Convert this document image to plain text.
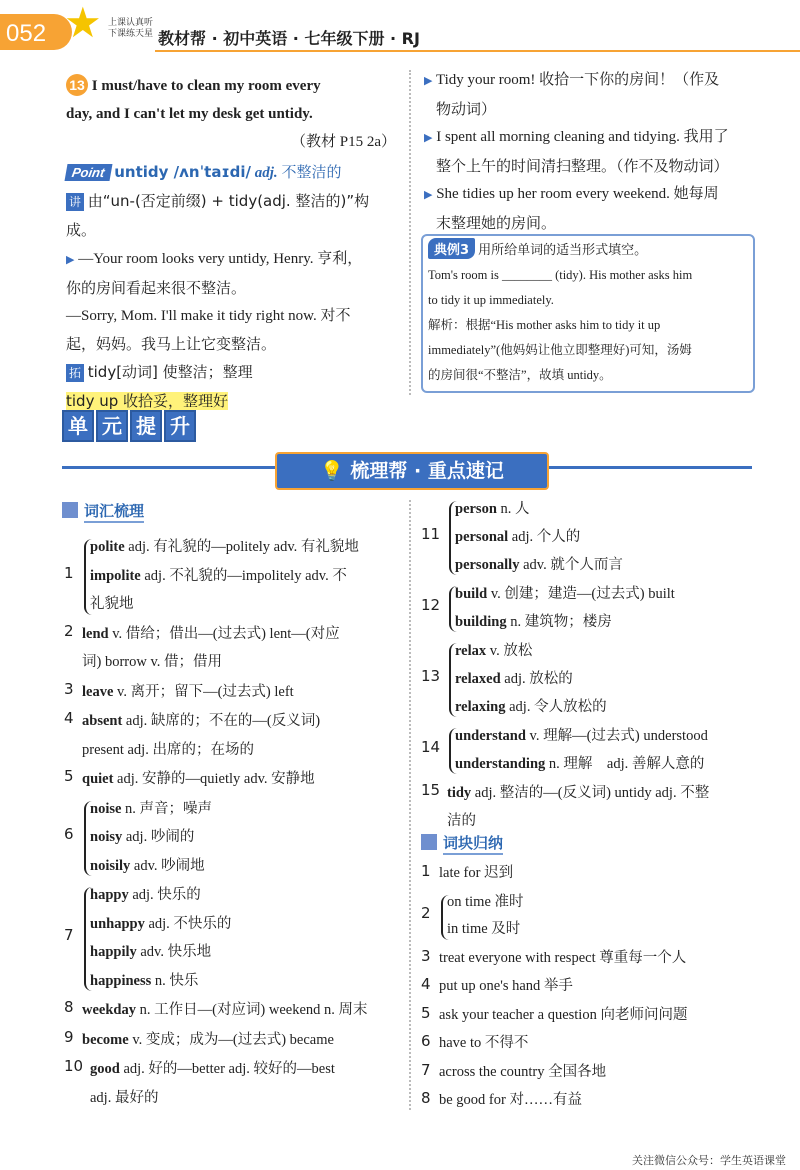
052 ★ 上课认真听
下课练天星 教材帮 · 初中英语 · 七年级下册 · RJ
13 I must/have to clean my room every
day, and I can't let my desk get untidy.
（教材 P15 2a）
Point untidy /ʌnˈtaɪdi/ adj. 不整洁的
讲 由“un-(否定前缀) + tidy(adj. 整洁的)”构成。
▶ —Your room looks very untidy, Henry. 亨利，
你的房间看起来很不整洁。
—Sorry, Mom. I'll make it tidy right now. 对不
起，妈妈。我马上让它变整洁。
拓 tidy[动词] 使整洁；整理
tidy up 收拾妥，整理好
▶ Tidy your room! 收拾一下你的房间！（作及
物动词）
▶ I spent all morning cleaning and tidying. 我用了
整个上午的时间清扫整理。（作不及物动词）
▶ She tidies up her room every weekend. 她每周
末整理她的房间。
典例3 用所给单词的适当形式填空。
Tom's room is ________ (tidy). His mother asks him
to tidy it up immediately.
解析：根据“His mother asks him to tidy it up
immediately”(他妈妈让他立即整理好)可知，汤姆
的房间很“不整洁”，故填 untidy。
单 元 提 升
💡 梳理帮 · 重点速记
词汇梳理
1
polite adj. 有礼貌的—politely adv. 有礼貌地
impolite adj. 不礼貌的—impolitely adv. 不
礼貌地
2 lend v. 借给；借出—(过去式) lent—(对应
词) borrow v. 借；借用
3 leave v. 离开；留下—(过去式) left
4 absent adj. 缺席的；不在的—(反义词)
present adj. 出席的；在场的
5 quiet adj. 安静的—quietly adv. 安静地
6
noise n. 声音；噪声
noisy adj. 吵闹的
noisily adv. 吵闹地
7
happy adj. 快乐的
unhappy adj. 不快乐的
happily adv. 快乐地
happiness n. 快乐
8 weekday n. 工作日—(对应词) weekend n. 周末
9 become v. 变成；成为—(过去式) became
10 good adj. 好的—better adj. 较好的—best
adj. 最好的
11
person n. 人
personal adj. 个人的
personally adv. 就个人而言
12
build v. 创建；建造—(过去式) built
building n. 建筑物；楼房
13
relax v. 放松
relaxed adj. 放松的
relaxing adj. 令人放松的
14
understand v. 理解—(过去式) understood
understanding n. 理解　adj. 善解人意的
15 tidy adj. 整洁的—(反义词) untidy adj. 不整
洁的
词块归纳
1 late for 迟到
2
on time 准时
in time 及时
3 treat everyone with respect 尊重每一个人
4 put up one's hand 举手
5 ask your teacher a question 向老师问问题
6 have to 不得不
7 across the country 全国各地
8 be good for 对……有益
关注微信公众号：学生英语课堂
